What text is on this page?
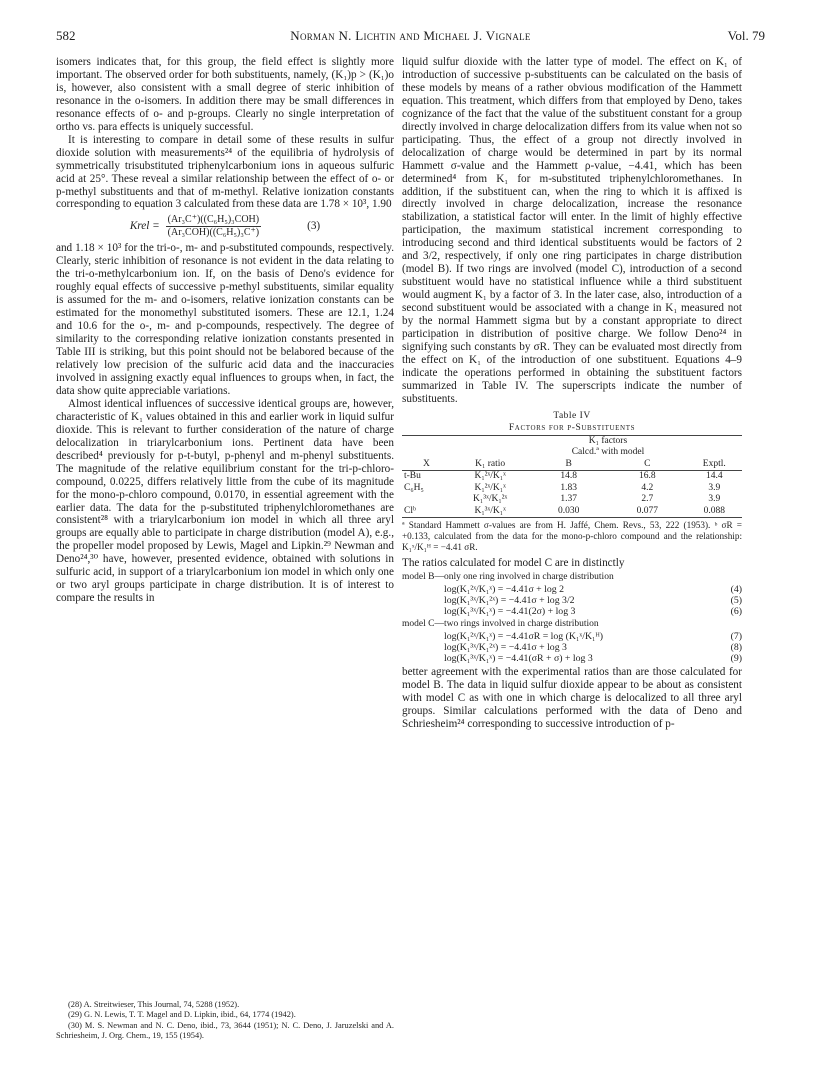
582	Norman N. Lichtin and Michael J. Vignale	Vol. 79

isomers indicates that, for this group, the field effect is slightly more important. The observed order for both substituents, namely, (K₁)p > (K₁)o is, however, also consistent with a small degree of steric inhibition of resonance in the o-isomers. In addition there may be small differences in resonance effects of o- and p-groups. Clearly no single interpretation of ortho vs. para effects is uniquely successful.

It is interesting to compare in detail some of these results in sulfur dioxide solution with measurements²⁴ of the equilibria of hydrolysis of symmetrically trisubstituted triphenylcarbonium ions in aqueous sulfuric acid at 25°. These reveal a similar relationship between the effect of o- or p-methyl substituents and that of m-methyl. Relative ionization constants corresponding to equation 3 calculated from these data are 1.78 × 10³, 1.90

Krel = $\frac{\text{(Ar₃C⁺)((C₆H₅)₃COH)}}{\text{(Ar₃COH)((C₆H₅)₃C⁺)}}$	(3)

and 1.18 × 10³ for the tri-o-, m- and p-substituted compounds, respectively. Clearly, steric inhibition of resonance is not evident in the data relating to the tri-o-methylcarbonium ion. If, on the basis of Deno's evidence for roughly equal effects of successive p-methyl substituents, similar equality is assumed for the m- and o-isomers, relative ionization constants can be estimated for the monomethyl substituted isomers. These are 12.1, 1.24 and 10.6 for the o-, m- and p-compounds, respectively. The degree of similarity to the corresponding relative ionization constants presented in Table III is striking, but this point should not be belabored because of the relatively low precision of the sulfuric acid data and the inaccuracies involved in assigning exactly equal influences to groups when, in fact, the data show quite appreciable variations.

Almost identical influences of successive identical groups are, however, characteristic of K₁ values obtained in this and earlier work in liquid sulfur dioxide. This is relevant to further consideration of the nature of charge delocalization in triarylcarbonium ions. Pertinent data have been described⁴ previously for p-t-butyl, p-phenyl and m-phenyl substituents. The magnitude of the relative equilibrium constant for the tri-p-chloro-compound, 0.0225, differs relatively little from the cube of its magnitude for the mono-p-chloro compound, 0.0170, in essential agreement with the earlier data. The data for the p-substituted triphenylchloromethanes are consistent²⁸ with a triarylcarbonium ion model in which all three aryl groups are equally able to participate in charge distribution (model A), e.g., the propeller model proposed by Lewis, Magel and Lipkin.²⁹ Newman and Deno²⁴,³⁰ have, however, presented evidence, obtained with solutions in sulfuric acid, in support of a triarylcarbonium ion model in which only one or two aryl groups participate in charge distribution. It is of interest to compare the results in

(28) A. Streitwieser, This Journal, 74, 5288 (1952).

(29) G. N. Lewis, T. T. Magel and D. Lipkin, ibid., 64, 1774 (1942).

(30) M. S. Newman and N. C. Deno, ibid., 73, 3644 (1951); N. C. Deno, J. Jaruzelski and A. Schriesheim, J. Org. Chem., 19, 155 (1954).

liquid sulfur dioxide with the latter type of model. The effect on K₁ of introduction of successive p-substituents can be calculated on the basis of these models by means of a rather obvious modification of the Hammett equation. This treatment, which differs from that employed by Deno, takes cognizance of the fact that the value of the substituent constant for a group directly involved in charge delocalization differs from its value when not so participating. Thus, the effect of a group not directly involved in delocalization of charge would be determined in part by its normal Hammett σ-value and the Hammett ρ-value, −4.41, which has been determined⁴ from K₁ for m-substituted triphenylchloromethanes. In addition, if the substituent can, when the ring to which it is affixed is directly involved in charge delocalization, increase the resonance stabilization, a statistical factor will enter. In the limit of highly effective participation, the maximum statistical increment corresponding to introducing second and third identical substituents would be factors of 2 and 3/2, respectively, if only one ring participates in charge distribution (model B). If two rings are involved (model C), introduction of a second substituent would have no statistical influence while a third substituent would augment K₁ by a factor of 3. In the later case, also, introduction of a second substituent would be associated with a change in K₁ measured not by the normal Hammett sigma but by a constant appropriate to direct participation in distribution of positive charge. We follow Deno²⁴ in signifying such constants by σR. They can be evaluated most directly from the effect on K₁ of the introduction of one substituent. Equations 4–9 indicate the operations performed in obtaining the substituent factors summarized in Table IV. The superscripts indicate the number of substituents.

Table IV
Factors for p-Substituents
		K₁ factors		
		Calcd.ª with model		
X	K₁ ratio	B	C	Exptl.
t-Bu	K₁²ˣ/K₁ˣ	14.8	16.8	14.4
C₆H₅	K₁²ˣ/K₁ˣ	1.83	4.2	3.9
	K₁³ˣ/K₁²ˣ	1.37	2.7	3.9
Clᵇ	K₁³ˣ/K₁ˣ	0.030	0.077	0.088

ª Standard Hammett σ-values are from H. Jaffé, Chem. Revs., 53, 222 (1953). ᵇ σR = +0.133, calculated from the data for the mono-p-chloro compound and the relationship: K₁ˣ/K₁ᴴ = −4.41 σR.

The ratios calculated for model C are in distinctly

model B—only one ring involved in charge distribution
log(K₁²ˣ/K₁ˣ) = −4.41σ + log 2	(4)
log(K₁³ˣ/K₁²ˣ) = −4.41σ + log 3/2	(5)
log(K₁³ˣ/K₁ˣ) = −4.41(2σ) + log 3	(6)
model C—two rings involved in charge distribution
log(K₁²ˣ/K₁ˣ) = −4.41σR = log (K₁ˣ/K₁ᴴ)	(7)
log(K₁³ˣ/K₁²ˣ) = −4.41σ + log 3	(8)
log(K₁³ˣ/K₁ˣ) = −4.41(σR + σ) + log 3	(9)

better agreement with the experimental ratios than are those calculated for model B. The data in liquid sulfur dioxide appear to be about as consistent with model C as with one in which charge is delocalized to all three aryl groups. Similar calculations performed with the data of Deno and Schriesheim²⁴ corresponding to successive introduction of p-
